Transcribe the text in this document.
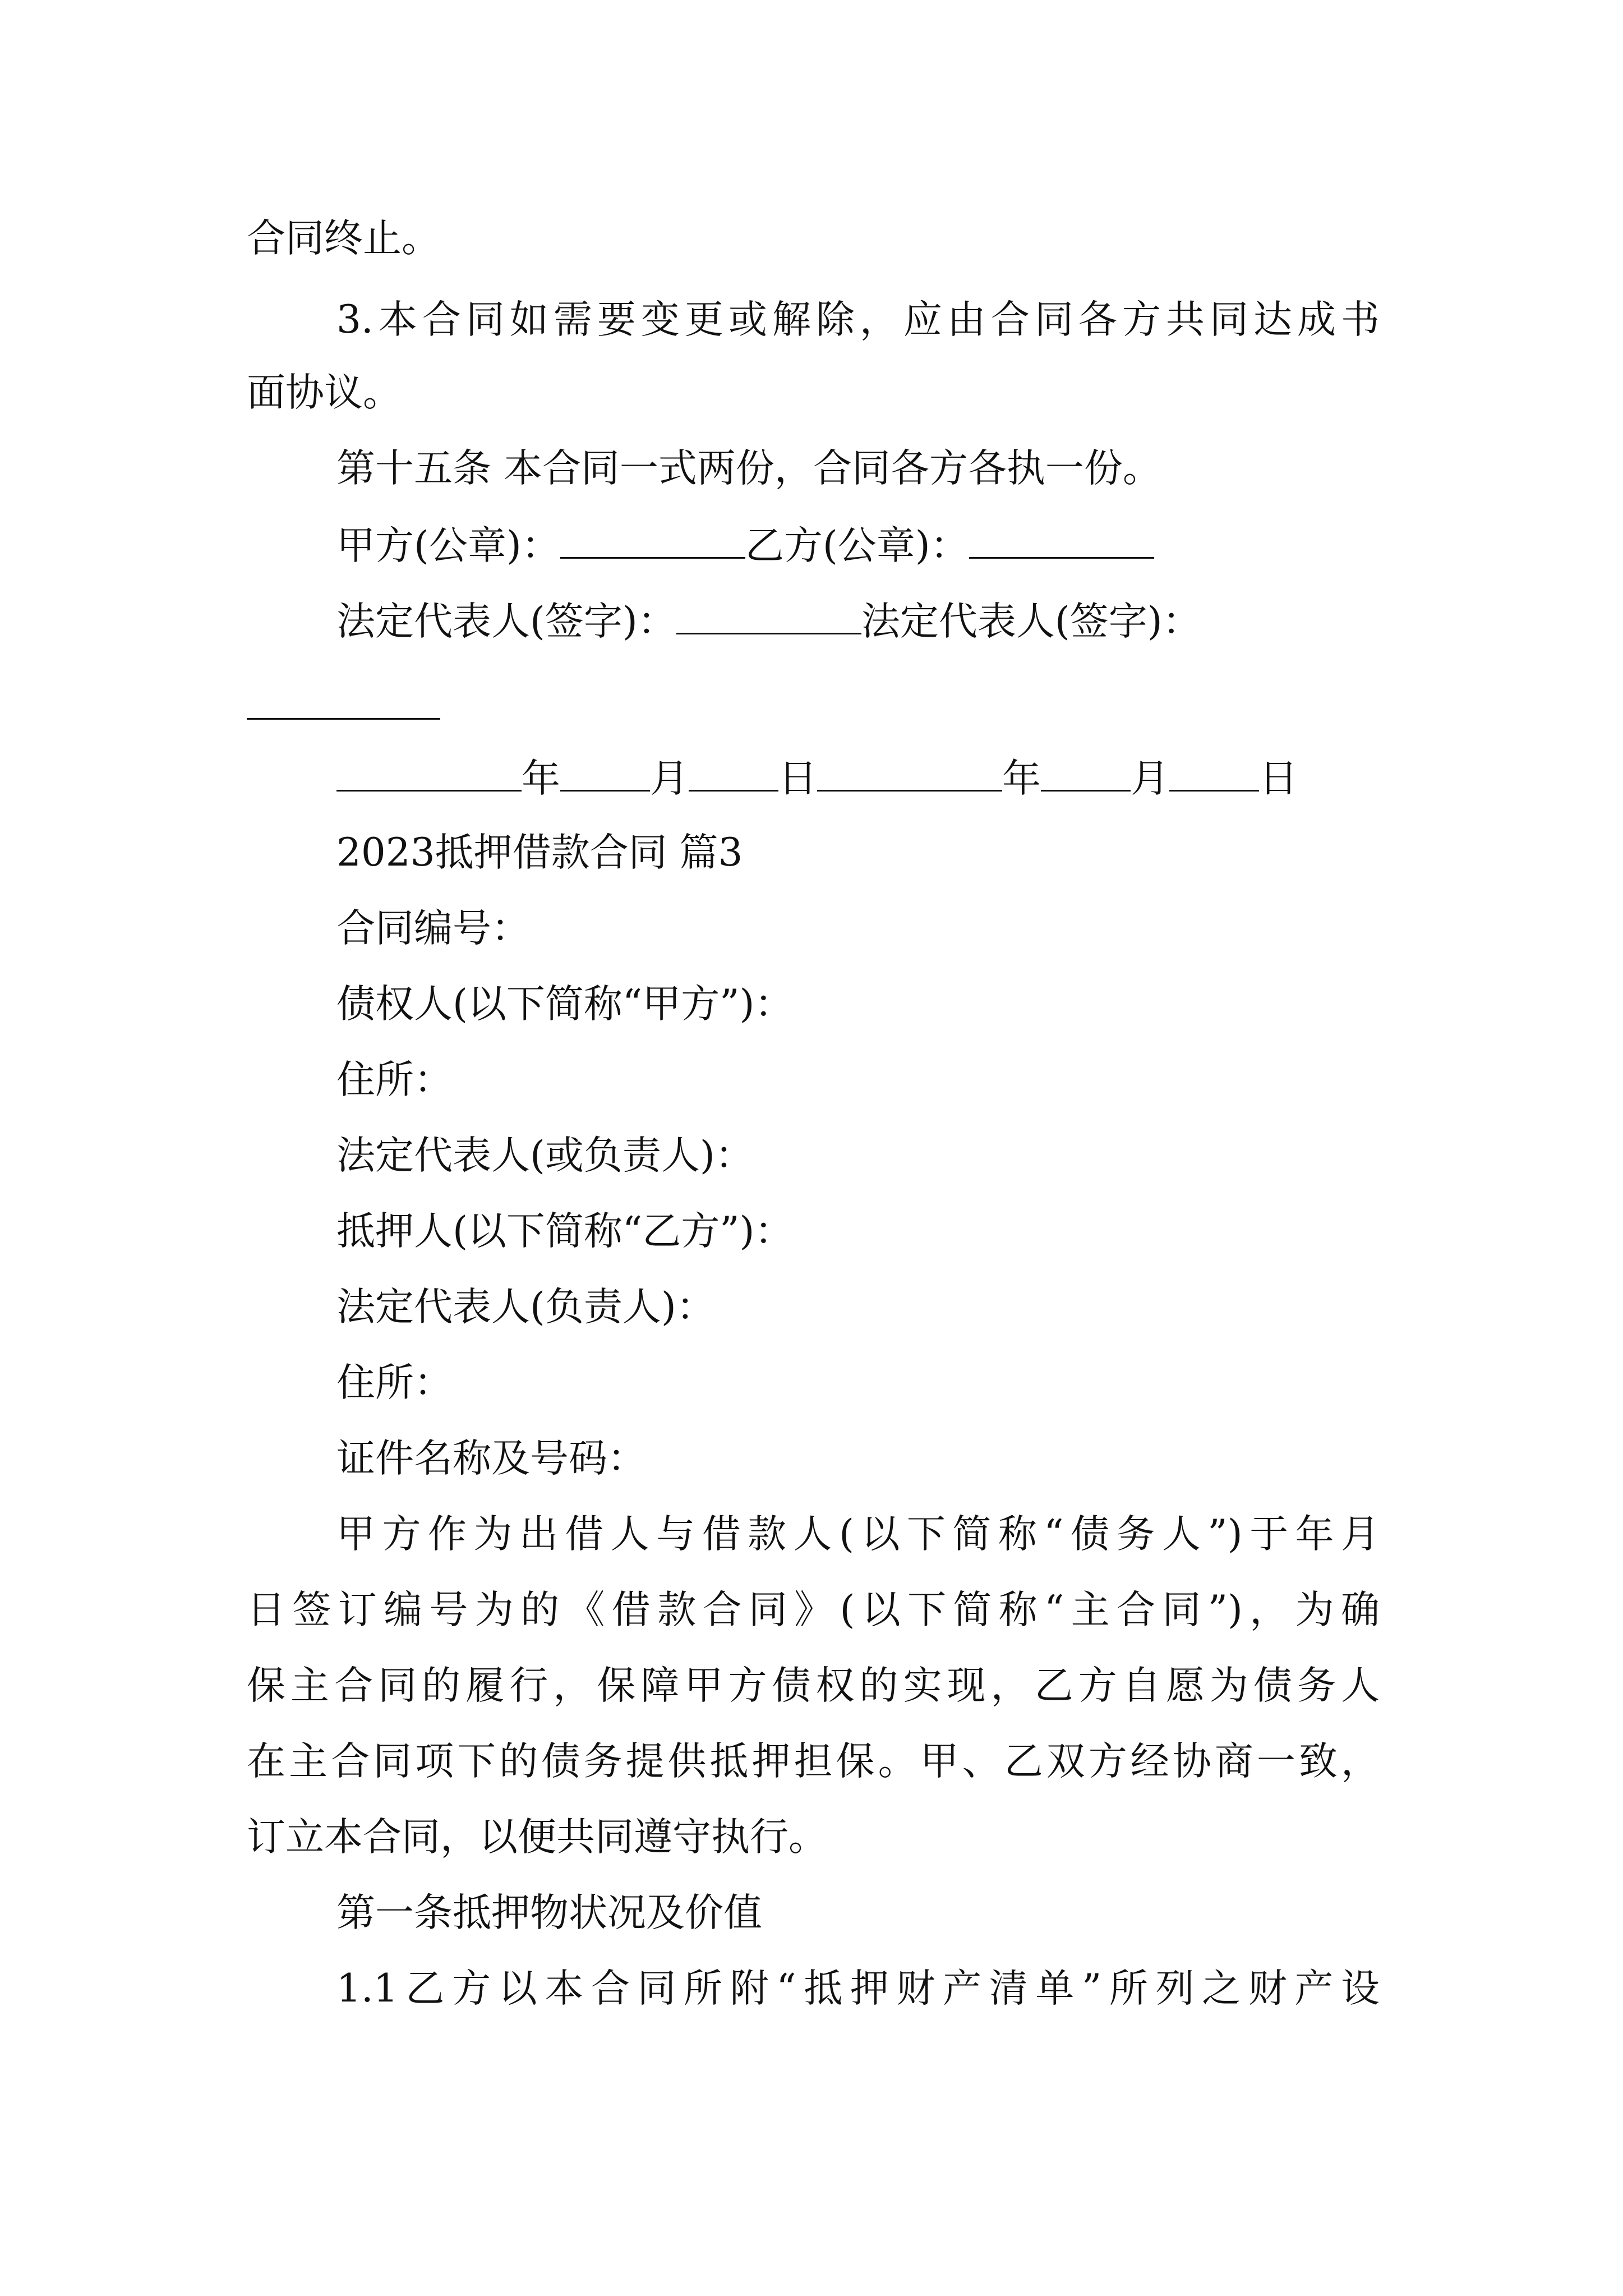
合同终止。
3.本合同如需要变更或解除，应由合同各方共同达成书
面协议。
第十五条 本合同一式两份，合同各方各执一份。
甲方(公章)：	乙方(公章)：
法定代表人(签字)：	法定代表人(签字)：
年 月 日	年 月 日
2023抵押借款合同 篇3
合同编号：
债权人(以下简称“甲方”)：
住所：
法定代表人(或负责人)：
抵押人(以下简称“乙方”)：
法定代表人(负责人)：
住所：
证件名称及号码：
甲方作为出借人与借款人(以下简称“债务人”)于年月
日签订编号为的《借款合同》(以下简称“主合同”)，为确
保主合同的履行，保障甲方债权的实现，乙方自愿为债务人
在主合同项下的债务提供抵押担保。甲、乙双方经协商一致，
订立本合同，以便共同遵守执行。
第一条抵押物状况及价值
1.1乙方以本合同所附“抵押财产清单”所列之财产设
